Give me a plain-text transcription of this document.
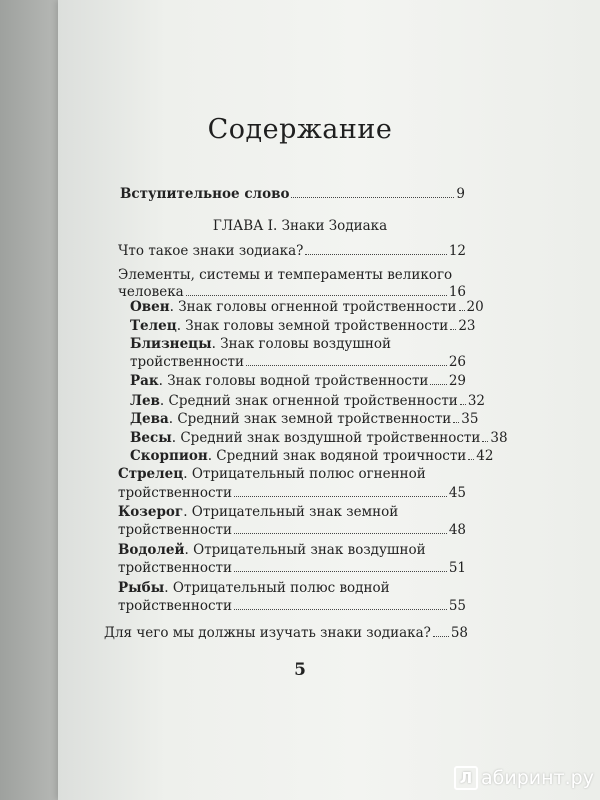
Содержание
Вступительное слово	9
ГЛАВА I. Знаки Зодиака
Что такое знаки зодиака?	12
Элементы, системы и темпераменты великого
человека	16
Овен. Знак головы огненной тройственности 20
Телец. Знак головы земной тройственности 23
Близнецы. Знак головы воздушной
тройственности	26
Рак. Знак головы водной тройственности 29
Лев. Средний знак огненной тройственности 32
Дева. Средний знак земной тройственности 35
Весы. Средний знак воздушной тройственности 38
Скорпион. Средний знак водяной троичности 42
Стрелец. Отрицательный полюс огненной
тройственности	45
Козерог. Отрицательный знак земной
тройственности	48
Водолей. Отрицательный знак воздушной
тройственности	51
Рыбы. Отрицательный полюс водной
тройственности	55
Для чего мы должны изучать знаки зодиака? 58
5
Л абиринт.ру
